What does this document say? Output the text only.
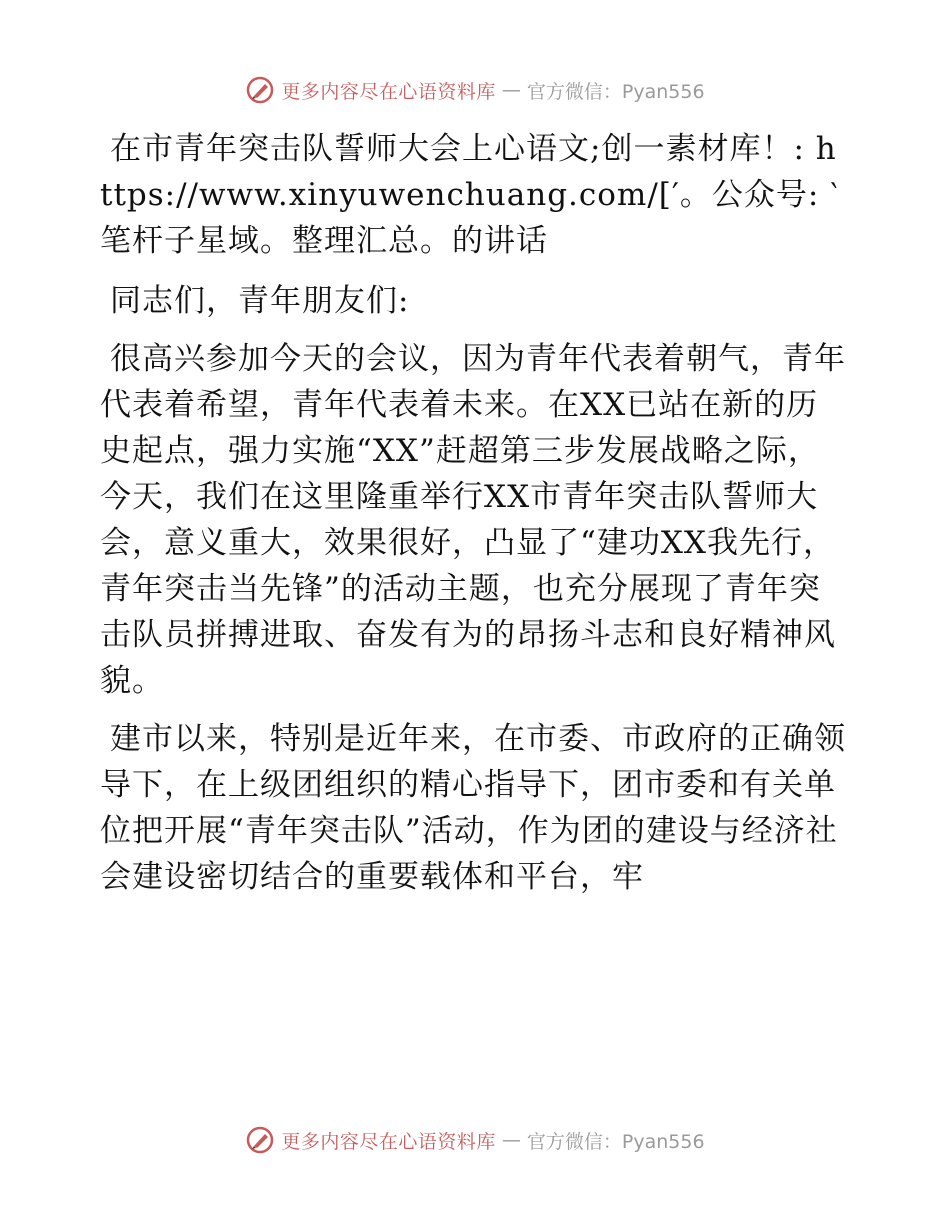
更多内容尽在心语资料库 — 官方微信：Pyan556

在市青年突击队誓师大会上心语文;创一素材库！: https://www.xinyuwenchuang.com/[′。公众号: ‵笔杆子星域。整理汇总。的讲话

同志们，青年朋友们:

很高兴参加今天的会议，因为青年代表着朝气，青年代表着希望，青年代表着未来。在XX已站在新的历史起点，强力实施“XX”赶超第三步发展战略之际，今天，我们在这里隆重举行XX市青年突击队誓师大会，意义重大，效果很好，凸显了“建功XX我先行，青年突击当先锋”的活动主题，也充分展现了青年突击队员拼搏进取、奋发有为的昂扬斗志和良好精神风貌。

建市以来，特别是近年来，在市委、市政府的正确领导下，在上级团组织的精心指导下，团市委和有关单位把开展“青年突击队”活动，作为团的建设与经济社会建设密切结合的重要载体和平台，牢

更多内容尽在心语资料库 — 官方微信：Pyan556
